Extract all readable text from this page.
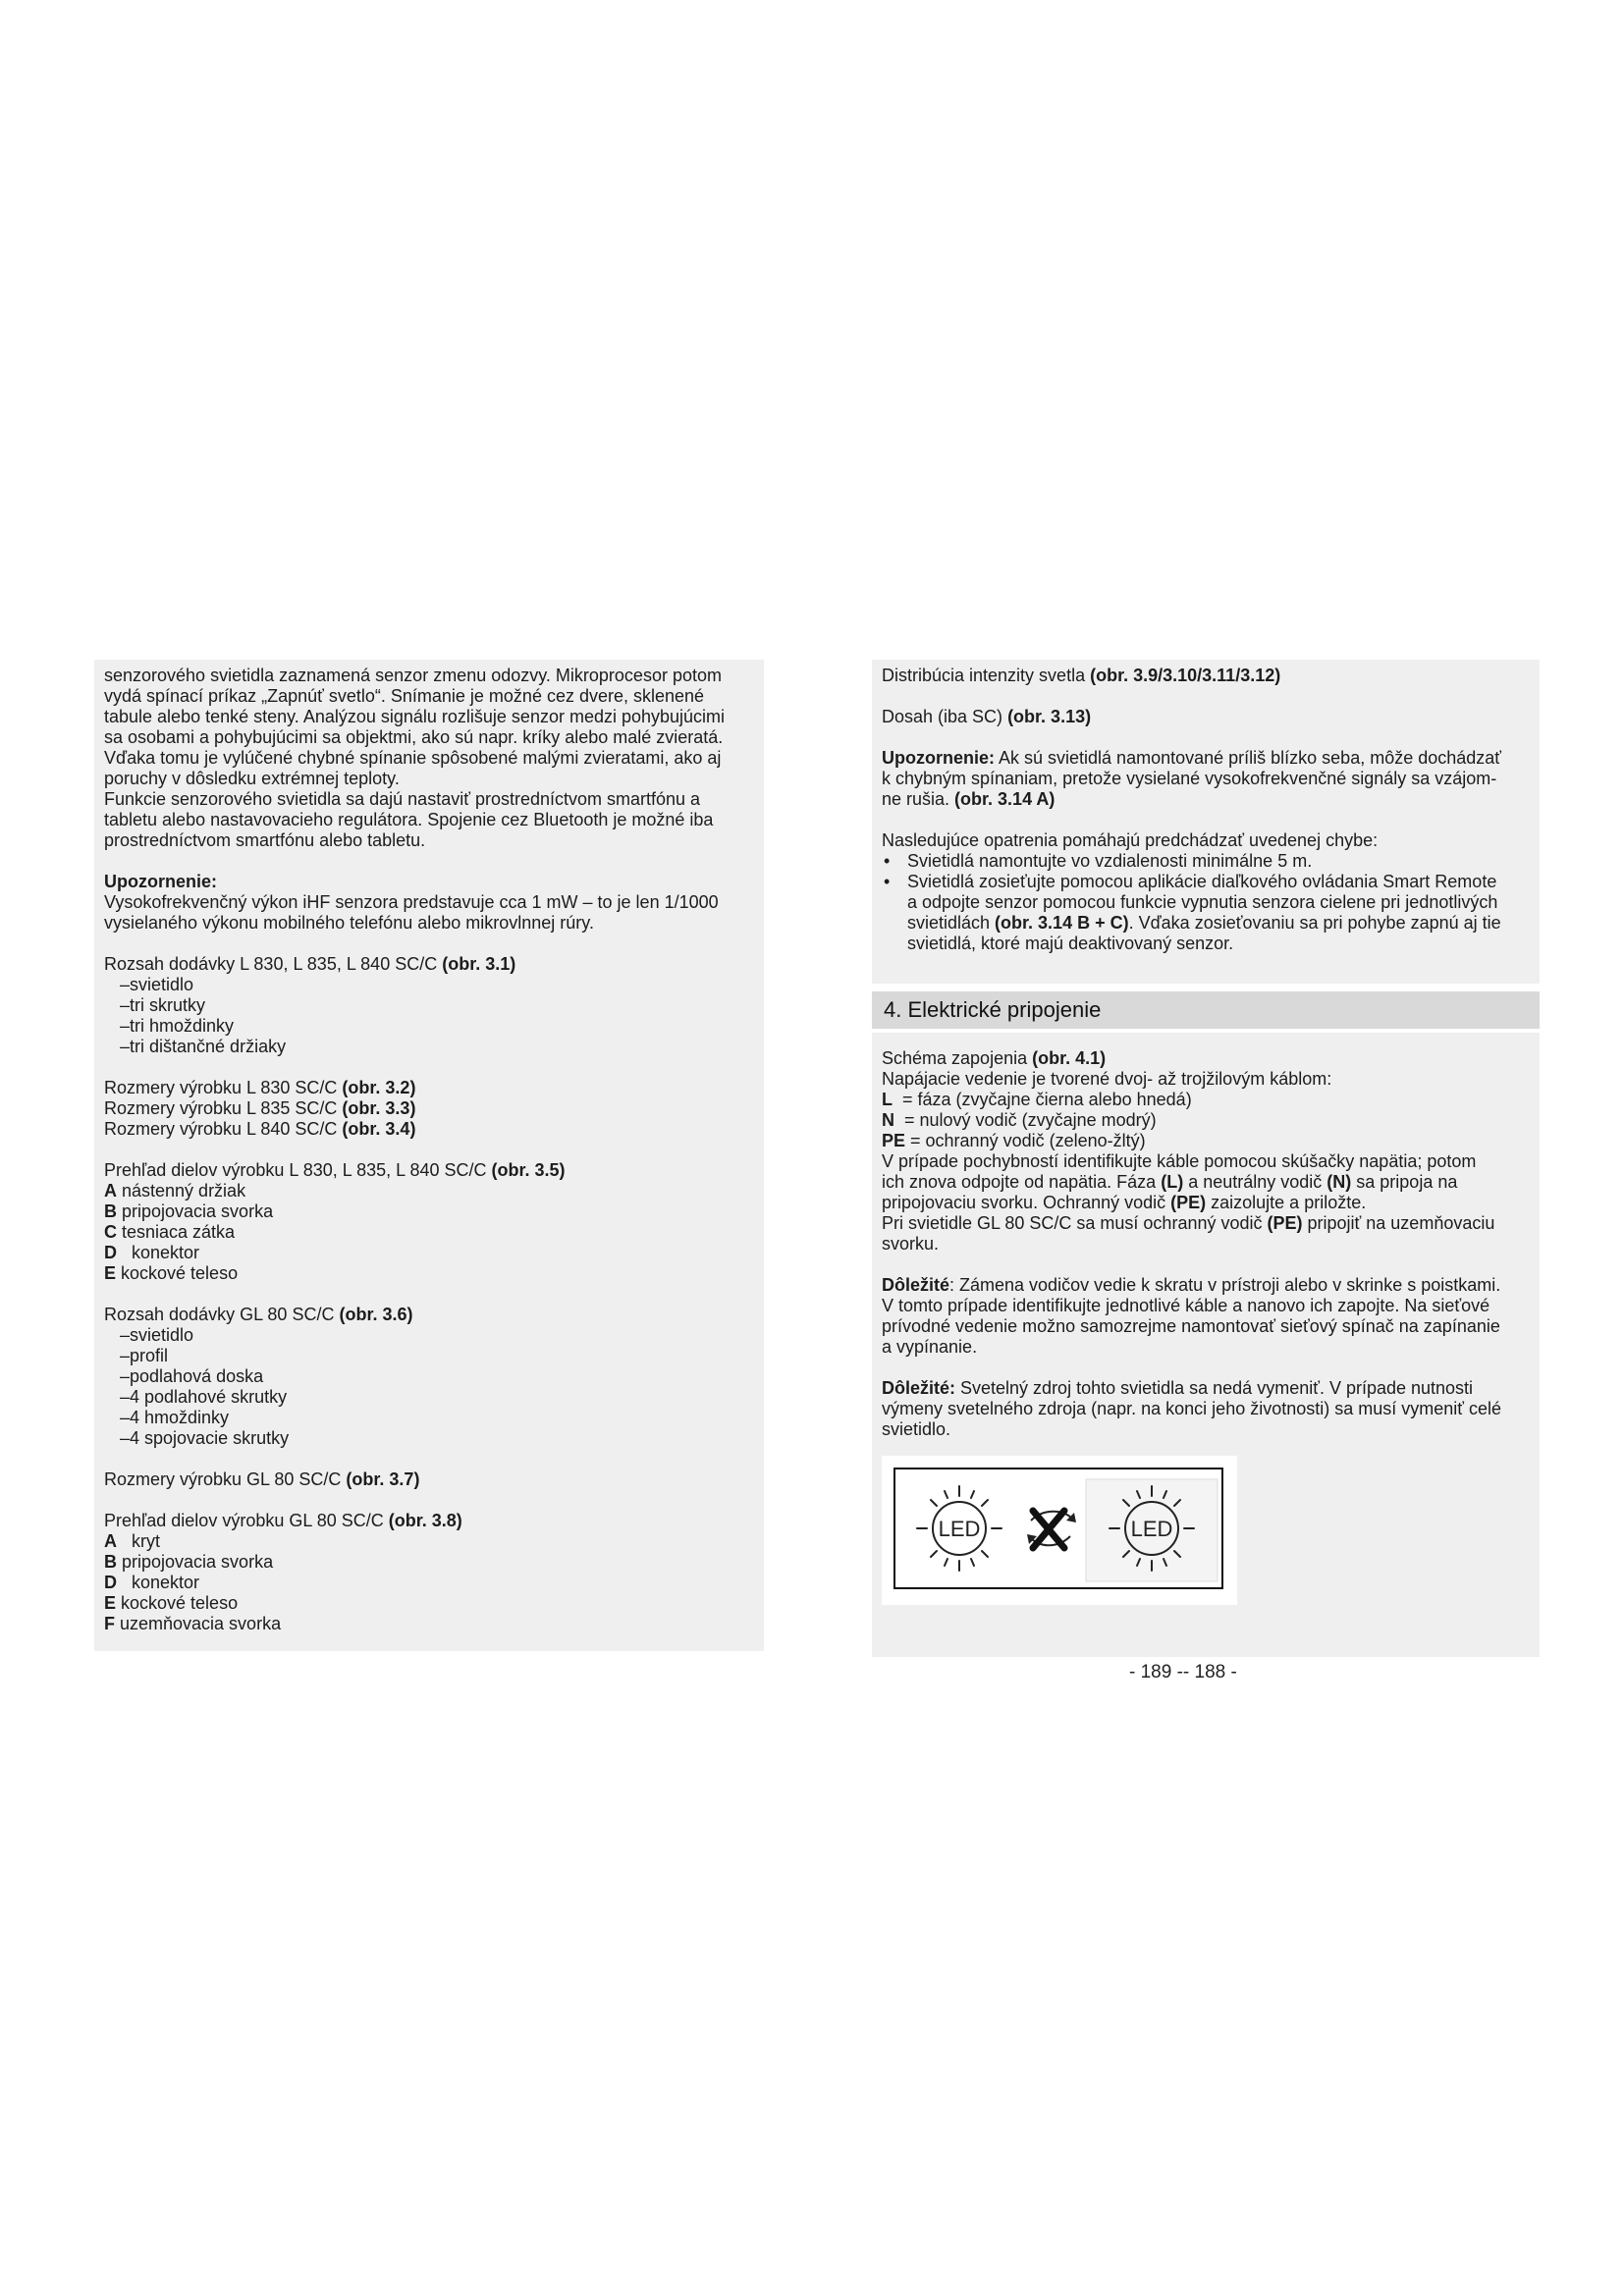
senzorového svietidla zaznamená senzor zmenu odozvy. Mikroprocesor potom

vydá spínací príkaz „Zapnúť svetlo“. Snímanie je možné cez dvere, sklenené

tabule alebo tenké steny. Analýzou signálu rozlišuje senzor medzi pohybujúcimi

sa osobami a pohybujúcimi sa objektmi, ako sú napr. kríky alebo malé zvieratá.

Vďaka tomu je vylúčené chybné spínanie spôsobené malými zvieratami, ako aj

poruchy v dôsledku extrémnej teploty.

Funkcie senzorového svietidla sa dajú nastaviť prostredníctvom smartfónu a

tabletu alebo nastavovacieho regulátora. Spojenie cez Bluetooth je možné iba

prostredníctvom smartfónu alebo tabletu.

Upozornenie:

Vysokofrekvenčný výkon iHF senzora predstavuje cca 1 mW – to je len 1/1000

vysielaného výkonu mobilného telefónu alebo mikrovlnnej rúry.

Rozsah dodávky L 830, L 835, L 840 SC/C (obr. 3.1)

–svietidlo

–tri skrutky

–tri hmoždinky

–tri dištančné držiaky

Rozmery výrobku L 830 SC/C (obr. 3.2)

Rozmery výrobku L 835 SC/C (obr. 3.3)

Rozmery výrobku L 840 SC/C (obr. 3.4)

Prehľad dielov výrobku L 830, L 835, L 840 SC/C (obr. 3.5)

A nástenný držiak

B pripojovacia svorka

C tesniaca zátka

D   konektor

E kockové teleso

Rozsah dodávky GL 80 SC/C (obr. 3.6)

–svietidlo

–profil

–podlahová doska

–4 podlahové skrutky

–4 hmoždinky

–4 spojovacie skrutky

Rozmery výrobku GL 80 SC/C (obr. 3.7)

Prehľad dielov výrobku GL 80 SC/C (obr. 3.8)

A   kryt

B pripojovacia svorka

D   konektor

E kockové teleso

F uzemňovacia svorka

Distribúcia intenzity svetla (obr. 3.9/3.10/3.11/3.12)

Dosah (iba SC) (obr. 3.13)

Upozornenie: Ak sú svietidlá namontované príliš blízko seba, môže dochádzať

k chybným spínaniam, pretože vysielané vysokofrekvenčné signály sa vzájom-

ne rušia. (obr. 3.14 A)

Nasledujúce opatrenia pomáhajú predchádzať uvedenej chybe:

• Svietidlá namontujte vo vzdialenosti minimálne 5 m.

• Svietidlá zosieťujte pomocou aplikácie diaľkového ovládania Smart Remote

a odpojte senzor pomocou funkcie vypnutia senzora cielene pri jednotlivých

svietidlách (obr. 3.14 B + C). Vďaka zosieťovaniu sa pri pohybe zapnú aj tie

svietidlá, ktoré majú deaktivovaný senzor.

4. Elektrické pripojenie

Schéma zapojenia (obr. 4.1)

Napájacie vedenie je tvorené dvoj- až trojžilovým káblom:

L  = fáza (zvyčajne čierna alebo hnedá)

N  = nulový vodič (zvyčajne modrý)

PE = ochranný vodič (zeleno-žltý)

V prípade pochybností identifikujte káble pomocou skúšačky napätia; potom

ich znova odpojte od napätia. Fáza (L) a neutrálny vodič (N) sa pripoja na

pripojovaciu svorku. Ochranný vodič (PE) zaizolujte a priložte.

Pri svietidle GL 80 SC/C sa musí ochranný vodič (PE) pripojiť na uzemňovaciu

svorku.

Dôležité: Zámena vodičov vedie k skratu v prístroji alebo v skrinke s poistkami.

V tomto prípade identifikujte jednotlivé káble a nanovo ich zapojte. Na sieťové

prívodné vedenie možno samozrejme namontovať sieťový spínač na zapínanie

a vypínanie.

Dôležité: Svetelný zdroj tohto svietidla sa nedá vymeniť. V prípade nutnosti

výmeny svetelného zdroja (napr. na konci jeho životnosti) sa musí vymeniť celé

svietidlo.

LED	LED
- 189 -- 188 -
